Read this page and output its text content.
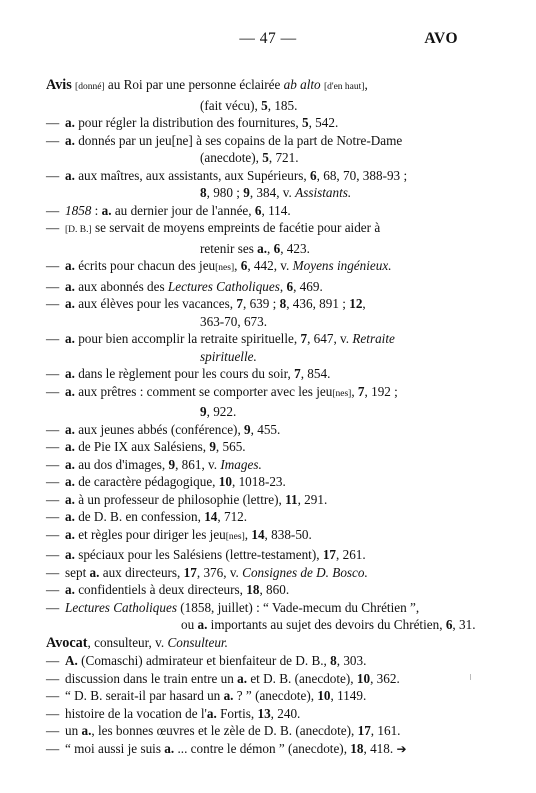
— 47 —	AVO
Avis [donné] au Roi par une personne éclairée ab alto [d'en haut],
(fait vécu), 5, 185.
— a. pour régler la distribution des fournitures, 5, 542.
— a. donnés par un jeu[ne] à ses copains de la part de Notre-Dame
(anecdote), 5, 721.
— a. aux maîtres, aux assistants, aux Supérieurs, 6, 68, 70, 388-93 ;
8, 980 ; 9, 384, v. Assistants.
— 1858 : a. au dernier jour de l'année, 6, 114.
— [D. B.] se servait de moyens empreints de facétie pour aider à
retenir ses a., 6, 423.
— a. écrits pour chacun des jeu[nes], 6, 442, v. Moyens ingénieux.
— a. aux abonnés des Lectures Catholiques, 6, 469.
— a. aux élèves pour les vacances, 7, 639 ; 8, 436, 891 ; 12,
363-70, 673.
— a. pour bien accomplir la retraite spirituelle, 7, 647, v. Retraite
spirituelle.
— a. dans le règlement pour les cours du soir, 7, 854.
— a. aux prêtres : comment se comporter avec les jeu[nes], 7, 192 ;
9, 922.
— a. aux jeunes abbés (conférence), 9, 455.
— a. de Pie IX aux Salésiens, 9, 565.
— a. au dos d'images, 9, 861, v. Images.
— a. de caractère pédagogique, 10, 1018-23.
— a. à un professeur de philosophie (lettre), 11, 291.
— a. de D. B. en confession, 14, 712.
— a. et règles pour diriger les jeu[nes], 14, 838-50.
— a. spéciaux pour les Salésiens (lettre-testament), 17, 261.
— sept a. aux directeurs, 17, 376, v. Consignes de D. Bosco.
— a. confidentiels à deux directeurs, 18, 860.
— Lectures Catholiques (1858, juillet) : “ Vade-mecum du Chrétien ”,
ou a. importants au sujet des devoirs du Chrétien, 6, 31.
Avocat, consulteur, v. Consulteur.
— A. (Comaschi) admirateur et bienfaiteur de D. B., 8, 303.
— discussion dans le train entre un a. et D. B. (anecdote), 10, 362.
— “ D. B. serait-il par hasard un a. ? ” (anecdote), 10, 1149.
— histoire de la vocation de l'a. Fortis, 13, 240.
— un a., les bonnes œuvres et le zèle de D. B. (anecdote), 17, 161.
— “ moi aussi je suis a. ... contre le démon ” (anecdote), 18, 418. ➔
